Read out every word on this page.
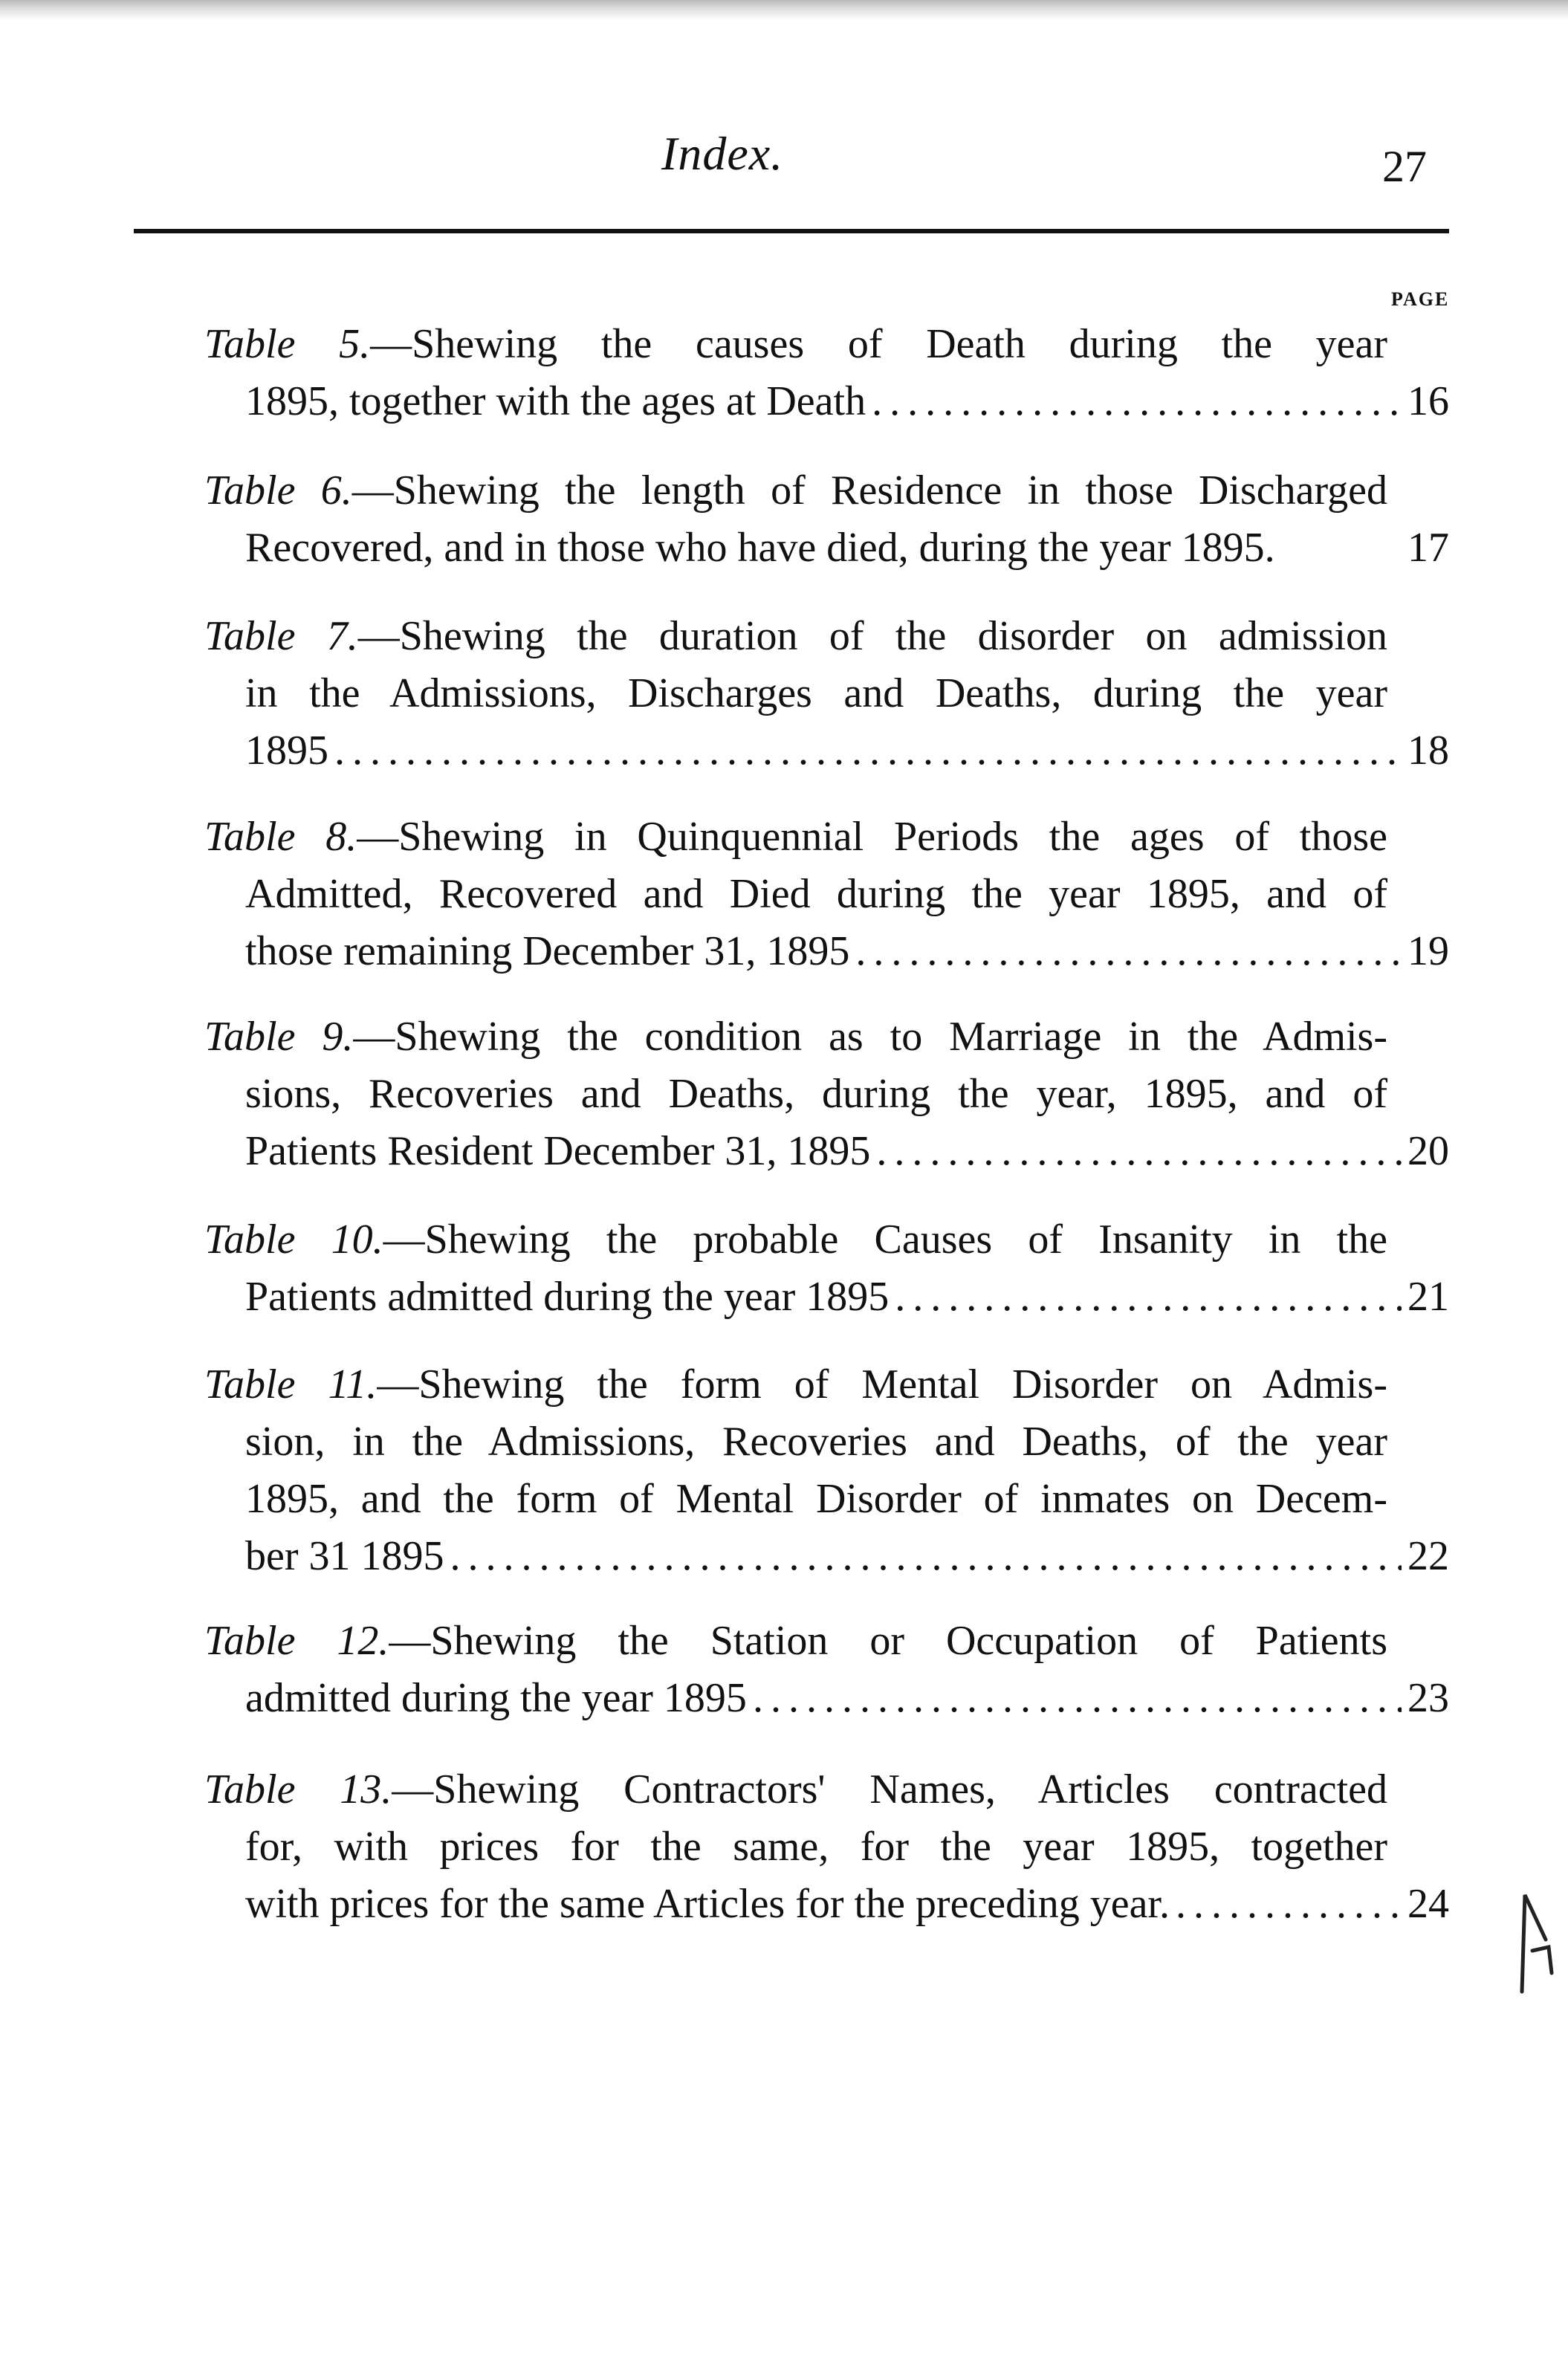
Index.	27
PAGE
Table 5.—Shewing the causes of Death during the year
1895, together with the ages at Death .....	16
Table 6.—Shewing the length of Residence in those Discharged
Recovered, and in those who have died, during the year 1895.	17
Table 7.—Shewing the duration of the disorder on admission
in the Admissions, Discharges and Deaths, during the year
1895 .....	18
Table 8.—Shewing in Quinquennial Periods the ages of those
Admitted, Recovered and Died during the year 1895, and of
those remaining December 31, 1895 .....	19
Table 9.—Shewing the condition as to Marriage in the Admis-
sions, Recoveries and Deaths, during the year, 1895, and of
Patients Resident December 31, 1895 .....	20
Table 10.—Shewing the probable Causes of Insanity in the
Patients admitted during the year 1895 .....	21
Table 11.—Shewing the form of Mental Disorder on Admis-
sion, in the Admissions, Recoveries and Deaths, of the year
1895, and the form of Mental Disorder of inmates on Decem-
ber 31 1895 .....	22
Table 12.—Shewing the Station or Occupation of Patients
admitted during the year 1895 .....	23
Table 13.—Shewing Contractors' Names, Articles contracted
for, with prices for the same, for the year 1895, together
with prices for the same Articles for the preceding year. .....	24
